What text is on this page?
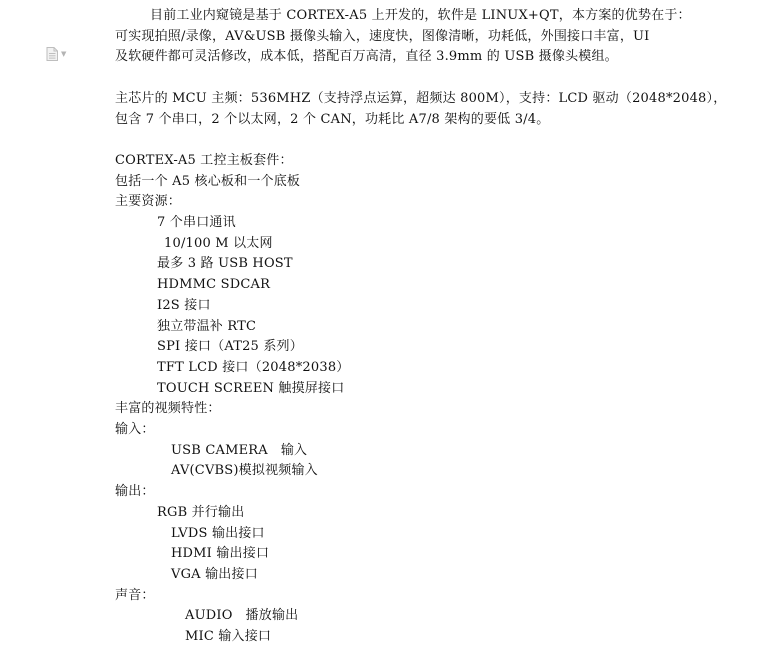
▼

目前工业内窥镜是基于 CORTEX-A5 上开发的，软件是 LINUX+QT，本方案的优势在于：

可实现拍照/录像，AV&USB 摄像头输入，速度快，图像清晰，功耗低，外围接口丰富，UI

及软硬件都可灵活修改，成本低，搭配百万高清，直径 3.9mm 的 USB 摄像头模组。

主芯片的 MCU 主频：536MHZ（支持浮点运算，超频达 800M），支持：LCD 驱动（2048*2048），

包含 7 个串口，2 个以太网，2 个 CAN，功耗比 A7/8 架构的要低 3/4。

CORTEX-A5 工控主板套件：

包括一个 A5 核心板和一个底板

主要资源：

7 个串口通讯

10/100 M 以太网

最多 3 路 USB HOST

HDMMC SDCAR

I2S 接口

独立带温补 RTC

SPI 接口（AT25 系列）

TFT LCD 接口（2048*2038）

TOUCH SCREEN 触摸屏接口

丰富的视频特性：

输入：

USB CAMERA   输入

AV(CVBS)模拟视频输入

输出：

RGB 并行输出

LVDS 输出接口

HDMI 输出接口

VGA 输出接口

声音：

AUDIO   播放输出

MIC 输入接口
